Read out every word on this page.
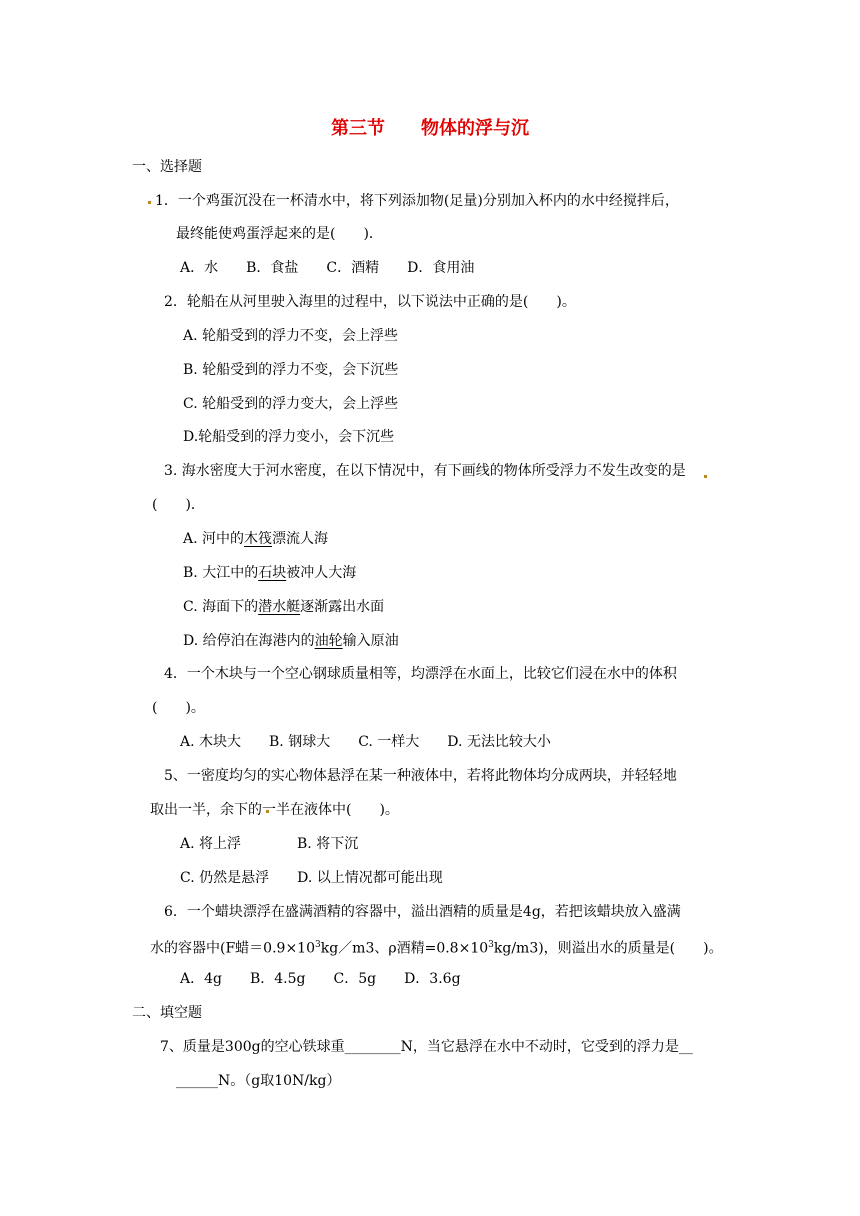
第三节　　物体的浮与沉
一、选择题
1．一个鸡蛋沉没在一杯清水中，将下列添加物(足量)分别加入杯内的水中经搅拌后，
最终能使鸡蛋浮起来的是(　　)．
A．水　　B．食盐　　C．酒精　　D．食用油
2．轮船在从河里驶入海里的过程中，以下说法中正确的是(　　)。
A. 轮船受到的浮力不变，会上浮些
B. 轮船受到的浮力不变，会下沉些
C. 轮船受到的浮力变大，会上浮些
D.轮船受到的浮力变小，会下沉些
3. 海水密度大于河水密度，在以下情况中，有下画线的物体所受浮力不发生改变的是
(　　)．
A. 河中的木筏漂流人海
B. 大江中的石块被冲人大海
C. 海面下的潜水艇逐渐露出水面
D. 给停泊在海港内的油轮输入原油
4．一个木块与一个空心钢球质量相等，均漂浮在水面上，比较它们浸在水中的体积
(　　)。
A. 木块大　　B. 钢球大　　C. 一样大　　D. 无法比较大小
5、一密度均匀的实心物体悬浮在某一种液体中，若将此物体均分成两块，并轻轻地
取出一半，余下的一半在液体中(　　)。
A. 将上浮　　　　B. 将下沉
C. 仍然是悬浮　　D. 以上情况都可能出现
6．一个蜡块漂浮在盛满酒精的容器中，溢出酒精的质量是4g，若把该蜡块放入盛满
水的容器中(F蜡$=0.9\times 10^3kg/m3$、ρ酒精$=0.8\times 10^3kg/m3$)，则溢出水的质量是(　　)。
A．4g　　B．4.5g　　C．5g　　D．3.6g
二、填空题
7、质量是300g的空心铁球重________N，当它悬浮在水中不动时，它受到的浮力是__
______N。（g取10N/kg）
